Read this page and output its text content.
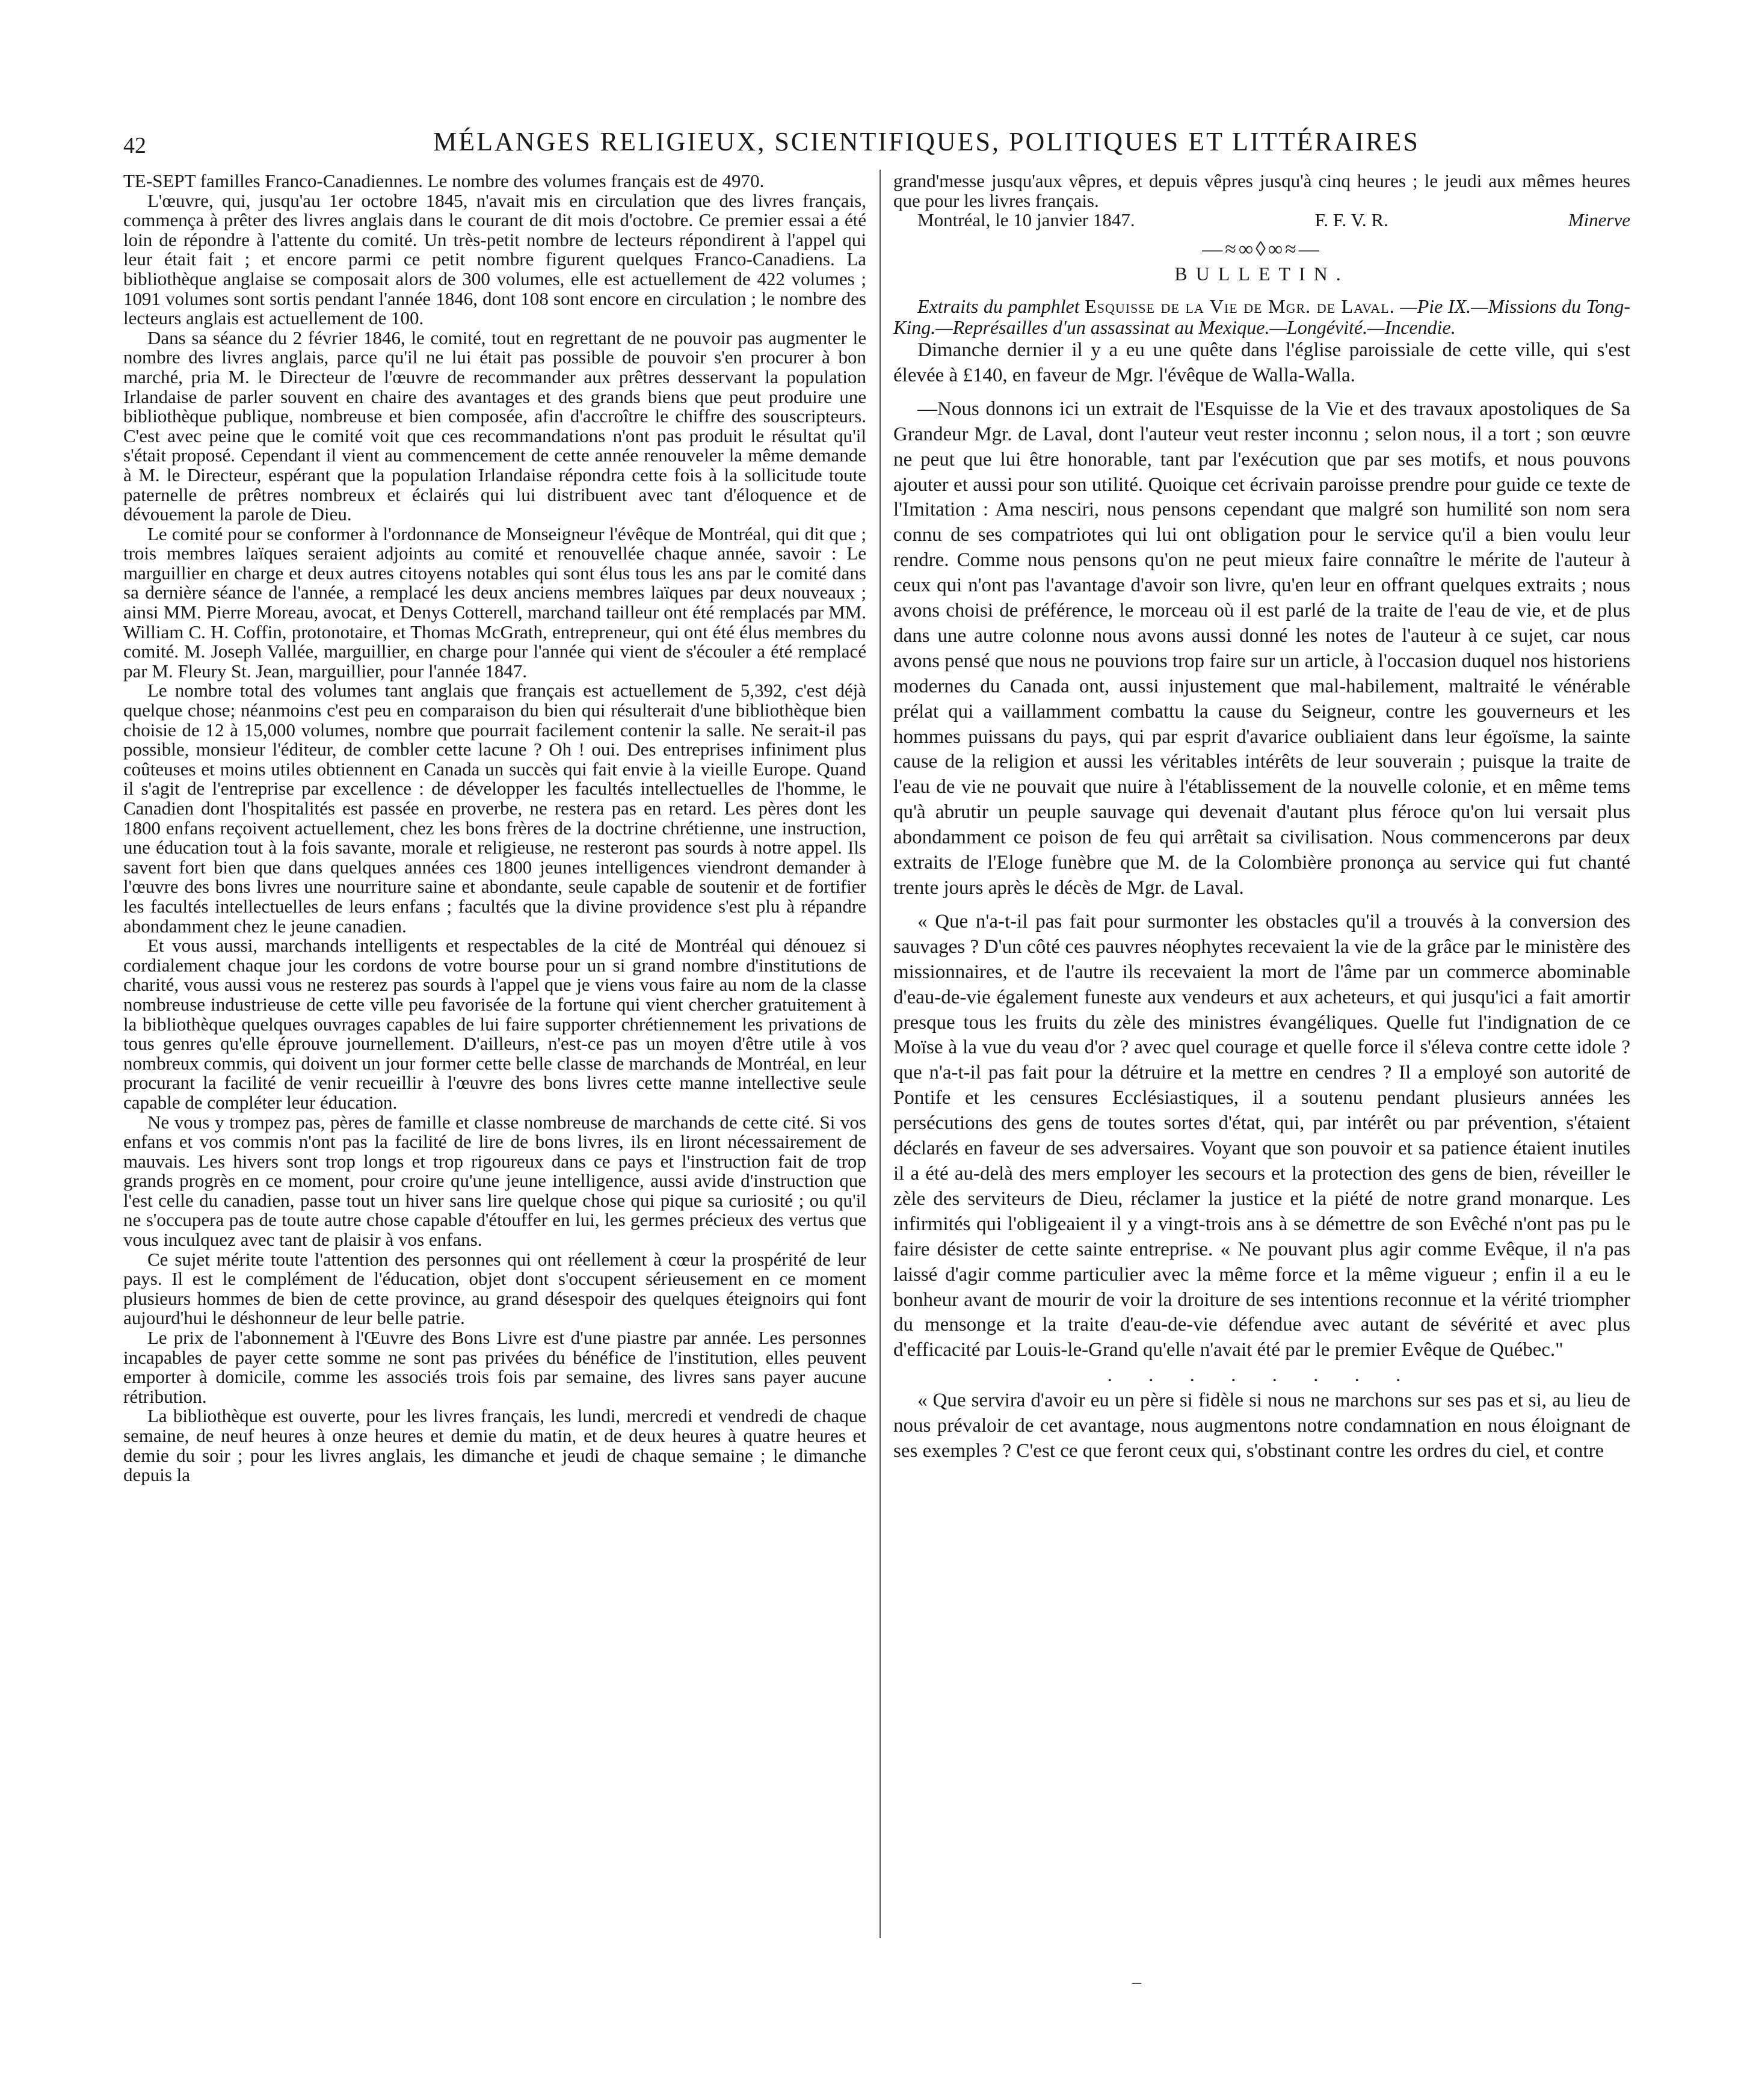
42	MÉLANGES RELIGIEUX, SCIENTIFIQUES, POLITIQUES ET LITTÉRAIRES

TE-SEPT familles Franco-Canadiennes. Le nombre des volumes français est de 4970.

L'œuvre, qui, jusqu'au 1er octobre 1845, n'avait mis en circulation que des livres français, commença à prêter des livres anglais dans le courant de dit mois d'octobre. Ce premier essai a été loin de répondre à l'attente du comité. Un très-petit nombre de lecteurs répondirent à l'appel qui leur était fait ; et encore parmi ce petit nombre figurent quelques Franco-Canadiens. La bibliothèque anglaise se composait alors de 300 volumes, elle est actuellement de 422 volumes ; 1091 volumes sont sortis pendant l'année 1846, dont 108 sont encore en circulation ; le nombre des lecteurs anglais est actuellement de 100.

Dans sa séance du 2 février 1846, le comité, tout en regrettant de ne pouvoir pas augmenter le nombre des livres anglais, parce qu'il ne lui était pas possible de pouvoir s'en procurer à bon marché, pria M. le Directeur de l'œuvre de recommander aux prêtres desservant la population Irlandaise de parler souvent en chaire des avantages et des grands biens que peut produire une bibliothèque publique, nombreuse et bien composée, afin d'accroître le chiffre des souscripteurs. C'est avec peine que le comité voit que ces recommandations n'ont pas produit le résultat qu'il s'était proposé. Cependant il vient au commencement de cette année renouveler la même demande à M. le Directeur, espérant que la population Irlandaise répondra cette fois à la sollicitude toute paternelle de prêtres nombreux et éclairés qui lui distribuent avec tant d'éloquence et de dévouement la parole de Dieu.

Le comité pour se conformer à l'ordonnance de Monseigneur l'évêque de Montréal, qui dit que ; trois membres laïques seraient adjoints au comité et renouvellée chaque année, savoir : Le marguillier en charge et deux autres citoyens notables qui sont élus tous les ans par le comité dans sa dernière séance de l'année, a remplacé les deux anciens membres laïques par deux nouveaux ; ainsi MM. Pierre Moreau, avocat, et Denys Cotterell, marchand tailleur ont été remplacés par MM. William C. H. Coffin, protonotaire, et Thomas McGrath, entrepreneur, qui ont été élus membres du comité. M. Joseph Vallée, marguillier, en charge pour l'année qui vient de s'écouler a été remplacé par M. Fleury St. Jean, marguillier, pour l'année 1847.

Le nombre total des volumes tant anglais que français est actuellement de 5,392, c'est déjà quelque chose; néanmoins c'est peu en comparaison du bien qui résulterait d'une bibliothèque bien choisie de 12 à 15,000 volumes, nombre que pourrait facilement contenir la salle. Ne serait-il pas possible, monsieur l'éditeur, de combler cette lacune ? Oh ! oui. Des entreprises infiniment plus coûteuses et moins utiles obtiennent en Canada un succès qui fait envie à la vieille Europe. Quand il s'agit de l'entreprise par excellence : de développer les facultés intellectuelles de l'homme, le Canadien dont l'hospitalités est passée en proverbe, ne restera pas en retard. Les pères dont les 1800 enfans reçoivent actuellement, chez les bons frères de la doctrine chrétienne, une instruction, une éducation tout à la fois savante, morale et religieuse, ne resteront pas sourds à notre appel. Ils savent fort bien que dans quelques années ces 1800 jeunes intelligences viendront demander à l'œuvre des bons livres une nourriture saine et abondante, seule capable de soutenir et de fortifier les facultés intellectuelles de leurs enfans ; facultés que la divine providence s'est plu à répandre abondamment chez le jeune canadien.

Et vous aussi, marchands intelligents et respectables de la cité de Montréal qui dénouez si cordialement chaque jour les cordons de votre bourse pour un si grand nombre d'institutions de charité, vous aussi vous ne resterez pas sourds à l'appel que je viens vous faire au nom de la classe nombreuse industrieuse de cette ville peu favorisée de la fortune qui vient chercher gratuitement à la bibliothèque quelques ouvrages capables de lui faire supporter chrétiennement les privations de tous genres qu'elle éprouve journellement. D'ailleurs, n'est-ce pas un moyen d'être utile à vos nombreux commis, qui doivent un jour former cette belle classe de marchands de Montréal, en leur procurant la facilité de venir recueillir à l'œuvre des bons livres cette manne intellective seule capable de compléter leur éducation.

Ne vous y trompez pas, pères de famille et classe nombreuse de marchands de cette cité. Si vos enfans et vos commis n'ont pas la facilité de lire de bons livres, ils en liront nécessairement de mauvais. Les hivers sont trop longs et trop rigoureux dans ce pays et l'instruction fait de trop grands progrès en ce moment, pour croire qu'une jeune intelligence, aussi avide d'instruction que l'est celle du canadien, passe tout un hiver sans lire quelque chose qui pique sa curiosité ; ou qu'il ne s'occupera pas de toute autre chose capable d'étouffer en lui, les germes précieux des vertus que vous inculquez avec tant de plaisir à vos enfans.

Ce sujet mérite toute l'attention des personnes qui ont réellement à cœur la prospérité de leur pays. Il est le complément de l'éducation, objet dont s'occupent sérieusement en ce moment plusieurs hommes de bien de cette province, au grand désespoir des quelques éteignoirs qui font aujourd'hui le déshonneur de leur belle patrie.

Le prix de l'abonnement à l'Œuvre des Bons Livre est d'une piastre par année. Les personnes incapables de payer cette somme ne sont pas privées du bénéfice de l'institution, elles peuvent emporter à domicile, comme les associés trois fois par semaine, des livres sans payer aucune rétribution.

La bibliothèque est ouverte, pour les livres français, les lundi, mercredi et vendredi de chaque semaine, de neuf heures à onze heures et demie du matin, et de deux heures à quatre heures et demie du soir ; pour les livres anglais, les dimanche et jeudi de chaque semaine ; le dimanche depuis la

grand'messe jusqu'aux vêpres, et depuis vêpres jusqu'à cinq heures ; le jeudi aux mêmes heures que pour les livres français.

Montréal, le 10 janvier 1847.	F. F. V. R.	Minerve
—≈∞◊∞≈—
BULLETIN.

Extraits du pamphlet Esquisse de la Vie de Mgr. de Laval. —Pie IX.—Missions du Tong-King.—Représailles d'un assassinat au Mexique.—Longévité.—Incendie.

Dimanche dernier il y a eu une quête dans l'église paroissiale de cette ville, qui s'est élevée à £140, en faveur de Mgr. l'évêque de Walla-Walla.

—Nous donnons ici un extrait de l'Esquisse de la Vie et des travaux apostoliques de Sa Grandeur Mgr. de Laval, dont l'auteur veut rester inconnu ; selon nous, il a tort ; son œuvre ne peut que lui être honorable, tant par l'exécution que par ses motifs, et nous pouvons ajouter et aussi pour son utilité. Quoique cet écrivain paroisse prendre pour guide ce texte de l'Imitation : Ama nesciri, nous pensons cependant que malgré son humilité son nom sera connu de ses compatriotes qui lui ont obligation pour le service qu'il a bien voulu leur rendre. Comme nous pensons qu'on ne peut mieux faire connaître le mérite de l'auteur à ceux qui n'ont pas l'avantage d'avoir son livre, qu'en leur en offrant quelques extraits ; nous avons choisi de préférence, le morceau où il est parlé de la traite de l'eau de vie, et de plus dans une autre colonne nous avons aussi donné les notes de l'auteur à ce sujet, car nous avons pensé que nous ne pouvions trop faire sur un article, à l'occasion duquel nos historiens modernes du Canada ont, aussi injustement que mal-habilement, maltraité le vénérable prélat qui a vaillamment combattu la cause du Seigneur, contre les gouverneurs et les hommes puissans du pays, qui par esprit d'avarice oubliaient dans leur égoïsme, la sainte cause de la religion et aussi les véritables intérêts de leur souverain ; puisque la traite de l'eau de vie ne pouvait que nuire à l'établissement de la nouvelle colonie, et en même tems qu'à abrutir un peuple sauvage qui devenait d'autant plus féroce qu'on lui versait plus abondamment ce poison de feu qui arrêtait sa civilisation. Nous commencerons par deux extraits de l'Eloge funèbre que M. de la Colombière prononça au service qui fut chanté trente jours après le décès de Mgr. de Laval.

« Que n'a-t-il pas fait pour surmonter les obstacles qu'il a trouvés à la conversion des sauvages ? D'un côté ces pauvres néophytes recevaient la vie de la grâce par le ministère des missionnaires, et de l'autre ils recevaient la mort de l'âme par un commerce abominable d'eau-de-vie également funeste aux vendeurs et aux acheteurs, et qui jusqu'ici a fait amortir presque tous les fruits du zèle des ministres évangéliques. Quelle fut l'indignation de ce Moïse à la vue du veau d'or ? avec quel courage et quelle force il s'éleva contre cette idole ? que n'a-t-il pas fait pour la détruire et la mettre en cendres ? Il a employé son autorité de Pontife et les censures Ecclésiastiques, il a soutenu pendant plusieurs années les persécutions des gens de toutes sortes d'état, qui, par intérêt ou par prévention, s'étaient déclarés en faveur de ses adversaires. Voyant que son pouvoir et sa patience étaient inutiles il a été au-delà des mers employer les secours et la protection des gens de bien, réveiller le zèle des serviteurs de Dieu, réclamer la justice et la piété de notre grand monarque. Les infirmités qui l'obligeaient il y a vingt-trois ans à se démettre de son Evêché n'ont pas pu le faire désister de cette sainte entreprise. « Ne pouvant plus agir comme Evêque, il n'a pas laissé d'agir comme particulier avec la même force et la même vigueur ; enfin il a eu le bonheur avant de mourir de voir la droiture de ses intentions reconnue et la vérité triompher du mensonge et la traite d'eau-de-vie défendue avec autant de sévérité et avec plus d'efficacité par Louis-le-Grand qu'elle n'avait été par le premier Evêque de Québec."

. . . . . . . .

« Que servira d'avoir eu un père si fidèle si nous ne marchons sur ses pas et si, au lieu de nous prévaloir de cet avantage, nous augmentons notre condamnation en nous éloignant de ses exemples ? C'est ce que feront ceux qui, s'obstinant contre les ordres du ciel, et contre

–
